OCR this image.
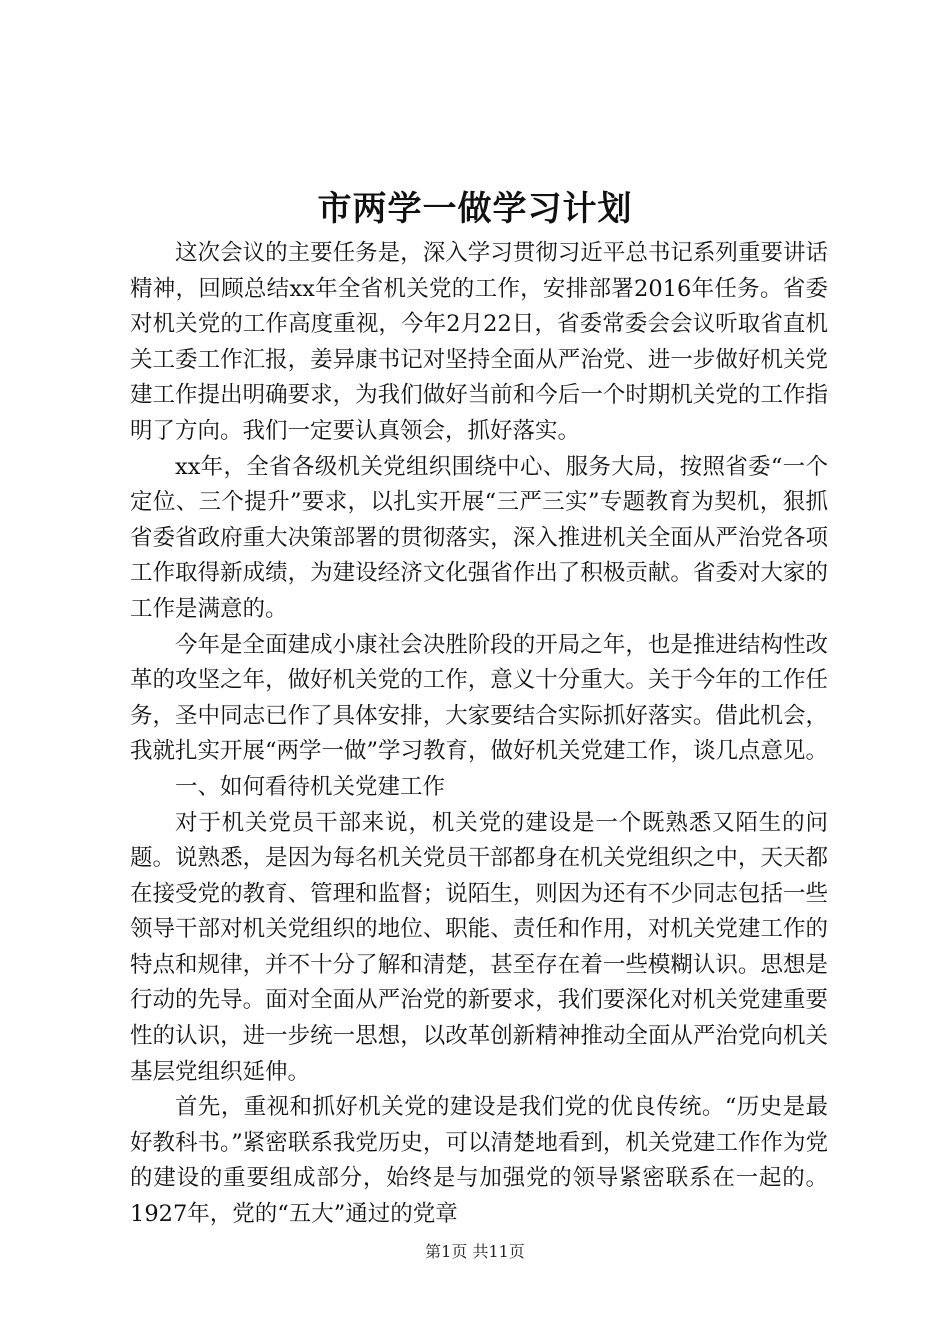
市两学一做学习计划

这次会议的主要任务是，深入学习贯彻习近平总书记系列重要讲话精神，回顾总结xx年全省机关党的工作，安排部署2016年任务。省委对机关党的工作高度重视，今年2月22日，省委常委会会议听取省直机关工委工作汇报，姜异康书记对坚持全面从严治党、进一步做好机关党建工作提出明确要求，为我们做好当前和今后一个时期机关党的工作指明了方向。我们一定要认真领会，抓好落实。

xx年，全省各级机关党组织围绕中心、服务大局，按照省委“一个定位、三个提升”要求，以扎实开展“三严三实”专题教育为契机，狠抓省委省政府重大决策部署的贯彻落实，深入推进机关全面从严治党各项工作取得新成绩，为建设经济文化强省作出了积极贡献。省委对大家的工作是满意的。

今年是全面建成小康社会决胜阶段的开局之年，也是推进结构性改革的攻坚之年，做好机关党的工作，意义十分重大。关于今年的工作任务，圣中同志已作了具体安排，大家要结合实际抓好落实。借此机会，我就扎实开展“两学一做”学习教育，做好机关党建工作，谈几点意见。

一、如何看待机关党建工作

对于机关党员干部来说，机关党的建设是一个既熟悉又陌生的问题。说熟悉，是因为每名机关党员干部都身在机关党组织之中，天天都在接受党的教育、管理和监督；说陌生，则因为还有不少同志包括一些领导干部对机关党组织的地位、职能、责任和作用，对机关党建工作的特点和规律，并不十分了解和清楚，甚至存在着一些模糊认识。思想是行动的先导。面对全面从严治党的新要求，我们要深化对机关党建重要性的认识，进一步统一思想，以改革创新精神推动全面从严治党向机关基层党组织延伸。

首先，重视和抓好机关党的建设是我们党的优良传统。“历史是最好教科书。”紧密联系我党历史，可以清楚地看到，机关党建工作作为党的建设的重要组成部分，始终是与加强党的领导紧密联系在一起的。1927年，党的“五大”通过的党章

第1页 共11页
